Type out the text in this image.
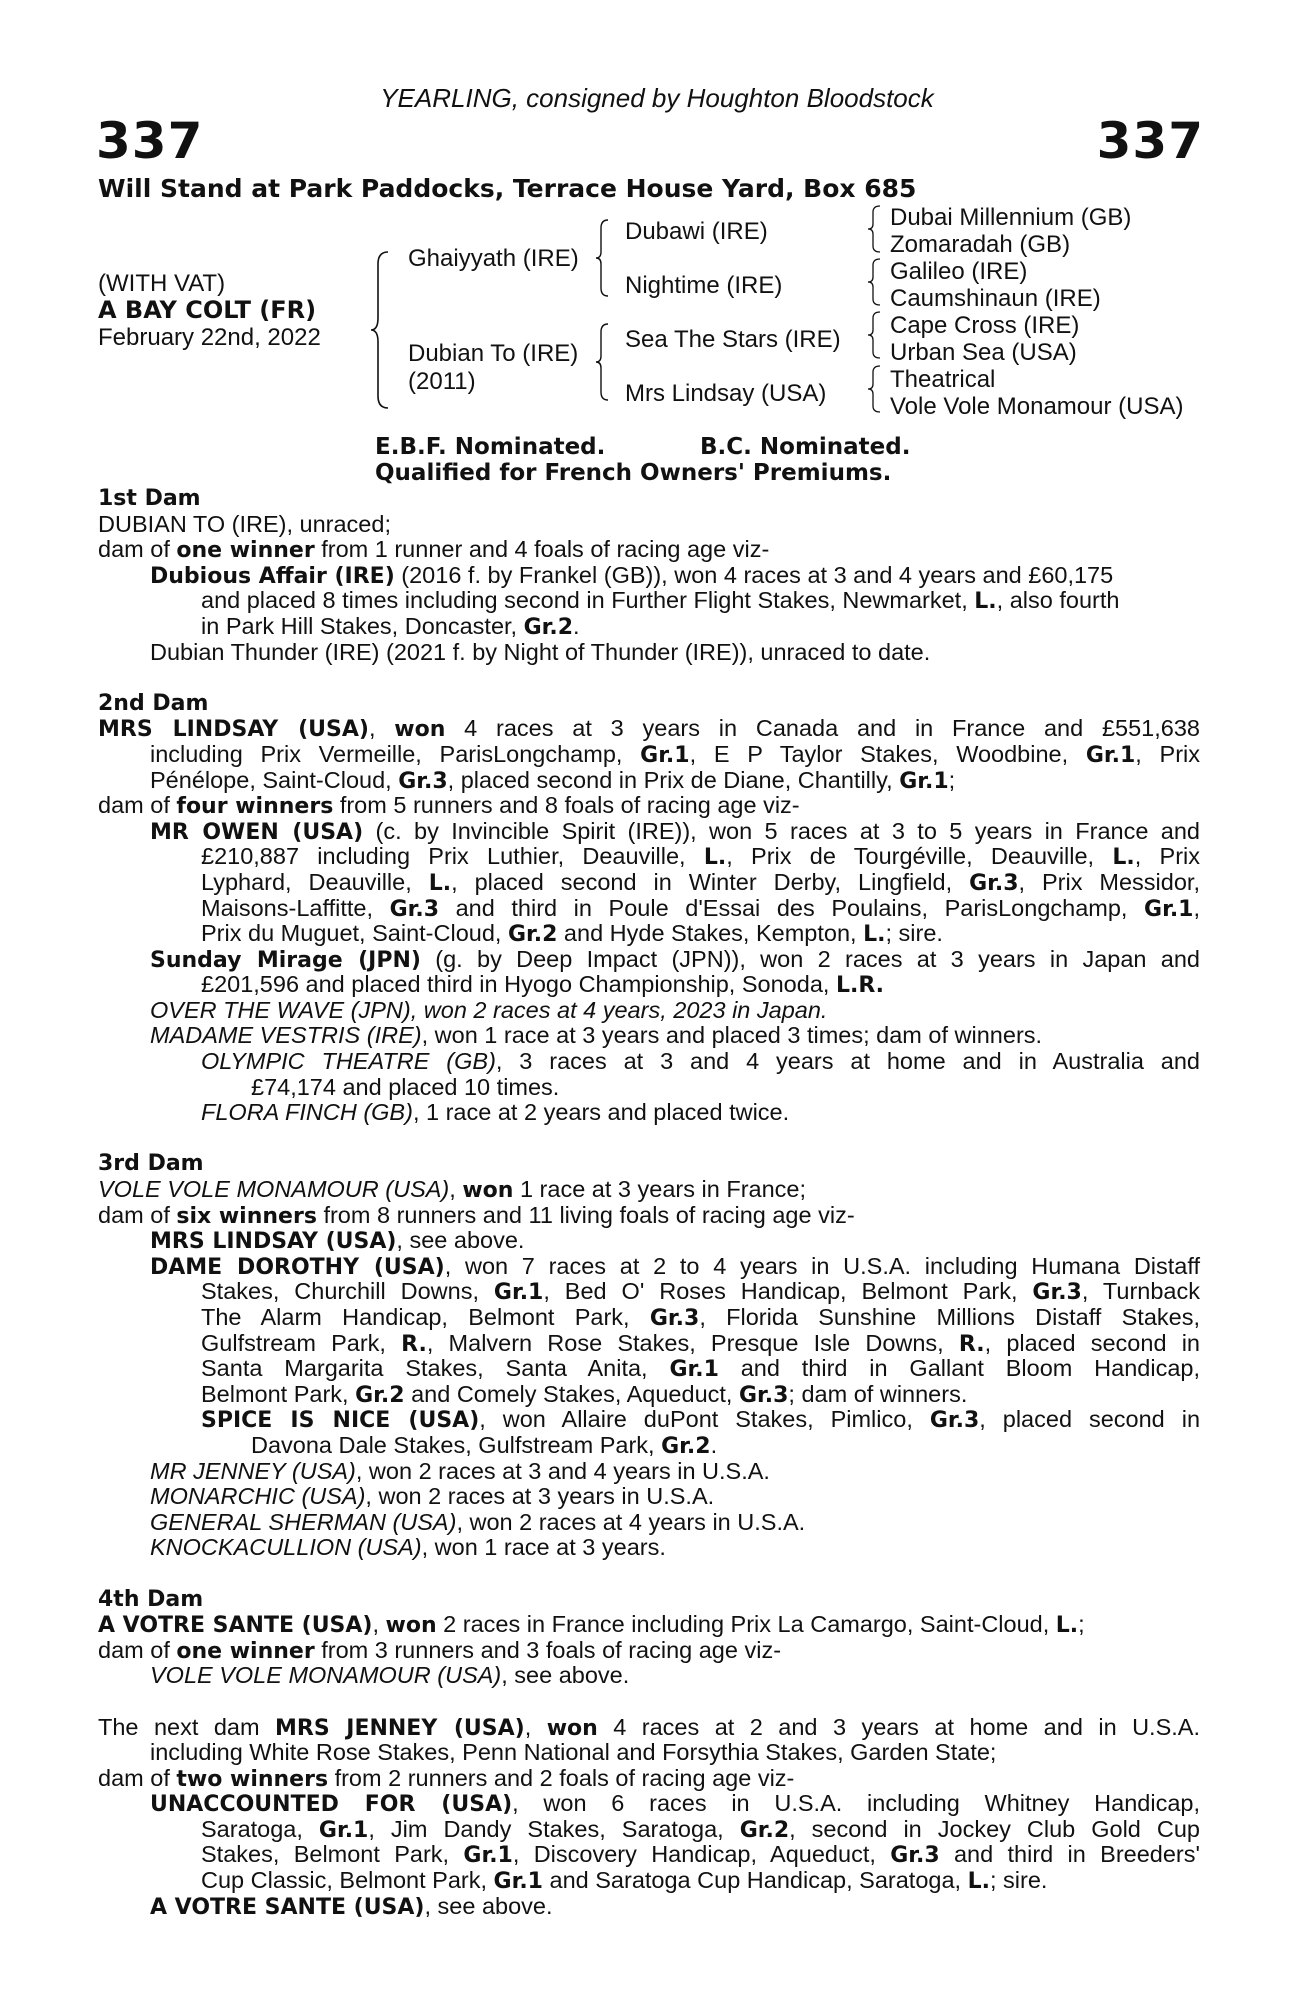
YEARLING, consigned by Houghton Bloodstock
337	337
Will Stand at Park Paddocks, Terrace House Yard, Box 685
(WITH VAT)
A BAY COLT (FR)
February 22nd, 2022
Ghaiyyath (IRE)
Dubian To (IRE)
(2011)
Dubawi (IRE)
Nightime (IRE)
Sea The Stars (IRE)
Mrs Lindsay (USA)
Dubai Millennium (GB)
Zomaradah (GB)
Galileo (IRE)
Caumshinaun (IRE)
Cape Cross (IRE)
Urban Sea (USA)
Theatrical
Vole Vole Monamour (USA)
E.B.F. Nominated.	B.C. Nominated.
Qualified for French Owners' Premiums.
1st Dam
DUBIAN TO (IRE), unraced;
dam of one winner from 1 runner and 4 foals of racing age viz-
Dubious Affair (IRE) (2016 f. by Frankel (GB)), won 4 races at 3 and 4 years and £60,175
and placed 8 times including second in Further Flight Stakes, Newmarket, L., also fourth
in Park Hill Stakes, Doncaster, Gr.2.
Dubian Thunder (IRE) (2021 f. by Night of Thunder (IRE)), unraced to date.
2nd Dam
MRS LINDSAY (USA), won 4 races at 3 years in Canada and in France and £551,638
including Prix Vermeille, ParisLongchamp, Gr.1, E P Taylor Stakes, Woodbine, Gr.1, Prix
Pénélope, Saint-Cloud, Gr.3, placed second in Prix de Diane, Chantilly, Gr.1;
dam of four winners from 5 runners and 8 foals of racing age viz-
MR OWEN (USA) (c. by Invincible Spirit (IRE)), won 5 races at 3 to 5 years in France and
£210,887 including Prix Luthier, Deauville, L., Prix de Tourgéville, Deauville, L., Prix
Lyphard, Deauville, L., placed second in Winter Derby, Lingfield, Gr.3, Prix Messidor,
Maisons-Laffitte, Gr.3 and third in Poule d'Essai des Poulains, ParisLongchamp, Gr.1,
Prix du Muguet, Saint-Cloud, Gr.2 and Hyde Stakes, Kempton, L.; sire.
Sunday Mirage (JPN) (g. by Deep Impact (JPN)), won 2 races at 3 years in Japan and
£201,596 and placed third in Hyogo Championship, Sonoda, L.R.
OVER THE WAVE (JPN), won 2 races at 4 years, 2023 in Japan.
MADAME VESTRIS (IRE), won 1 race at 3 years and placed 3 times; dam of winners.
OLYMPIC THEATRE (GB), 3 races at 3 and 4 years at home and in Australia and
£74,174 and placed 10 times.
FLORA FINCH (GB), 1 race at 2 years and placed twice.
3rd Dam
VOLE VOLE MONAMOUR (USA), won 1 race at 3 years in France;
dam of six winners from 8 runners and 11 living foals of racing age viz-
MRS LINDSAY (USA), see above.
DAME DOROTHY (USA), won 7 races at 2 to 4 years in U.S.A. including Humana Distaff
Stakes, Churchill Downs, Gr.1, Bed O' Roses Handicap, Belmont Park, Gr.3, Turnback
The Alarm Handicap, Belmont Park, Gr.3, Florida Sunshine Millions Distaff Stakes,
Gulfstream Park, R., Malvern Rose Stakes, Presque Isle Downs, R., placed second in
Santa Margarita Stakes, Santa Anita, Gr.1 and third in Gallant Bloom Handicap,
Belmont Park, Gr.2 and Comely Stakes, Aqueduct, Gr.3; dam of winners.
SPICE IS NICE (USA), won Allaire duPont Stakes, Pimlico, Gr.3, placed second in
Davona Dale Stakes, Gulfstream Park, Gr.2.
MR JENNEY (USA), won 2 races at 3 and 4 years in U.S.A.
MONARCHIC (USA), won 2 races at 3 years in U.S.A.
GENERAL SHERMAN (USA), won 2 races at 4 years in U.S.A.
KNOCKACULLION (USA), won 1 race at 3 years.
4th Dam
A VOTRE SANTE (USA), won 2 races in France including Prix La Camargo, Saint-Cloud, L.;
dam of one winner from 3 runners and 3 foals of racing age viz-
VOLE VOLE MONAMOUR (USA), see above.
The next dam MRS JENNEY (USA), won 4 races at 2 and 3 years at home and in U.S.A.
including White Rose Stakes, Penn National and Forsythia Stakes, Garden State;
dam of two winners from 2 runners and 2 foals of racing age viz-
UNACCOUNTED FOR (USA), won 6 races in U.S.A. including Whitney Handicap,
Saratoga, Gr.1, Jim Dandy Stakes, Saratoga, Gr.2, second in Jockey Club Gold Cup
Stakes, Belmont Park, Gr.1, Discovery Handicap, Aqueduct, Gr.3 and third in Breeders'
Cup Classic, Belmont Park, Gr.1 and Saratoga Cup Handicap, Saratoga, L.; sire.
A VOTRE SANTE (USA), see above.
